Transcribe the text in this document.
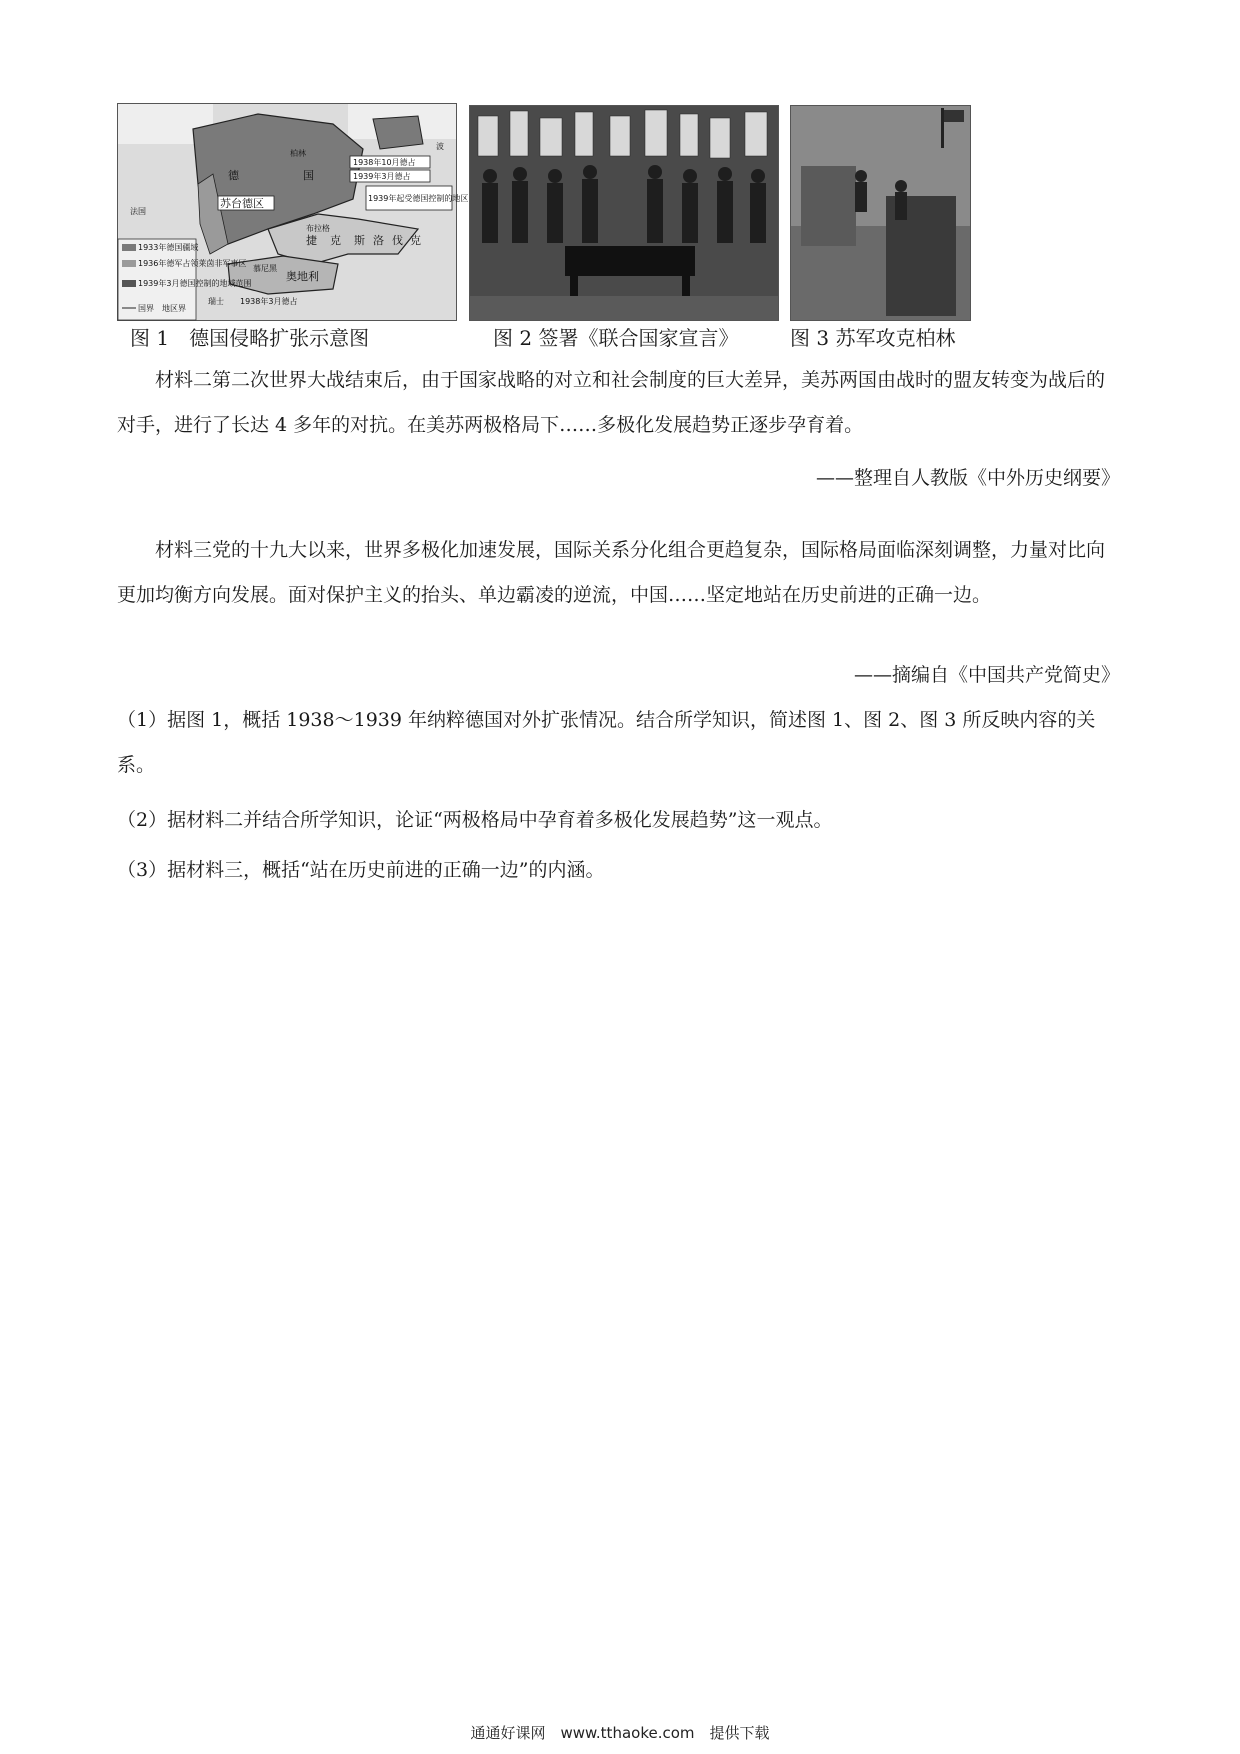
德	国
柏林
苏台德区
1938年10月德占
1939年3月德占
1939年起受德国控制的地区
布拉格
捷 克 斯 洛 伐 克
奥地利
慕尼黑
1938年3月德占
法国
瑞士
波
1933年德国疆域
1936年德军占领莱茵非军事区
1939年3月德国控制的地域范围
国界　地区界
图 1　德国侵略扩张示意图	图 2 签署《联合国家宣言》	图 3 苏军攻克柏林

材料二第二次世界大战结束后，由于国家战略的对立和社会制度的巨大差异，美苏两国由战时的盟友转变为战后的对手，进行了长达 4 多年的对抗。在美苏两极格局下……多极化发展趋势正逐步孕育着。

——整理自人教版《中外历史纲要》

材料三党的十九大以来，世界多极化加速发展，国际关系分化组合更趋复杂，国际格局面临深刻调整，力量对比向更加均衡方向发展。面对保护主义的抬头、单边霸凌的逆流，中国……坚定地站在历史前进的正确一边。

——摘编自《中国共产党简史》

（1）据图 1，概括 1938～1939 年纳粹德国对外扩张情况。结合所学知识，简述图 1、图 2、图 3 所反映内容的关系。

（2）据材料二并结合所学知识，论证“两极格局中孕育着多极化发展趋势”这一观点。

（3）据材料三，概括“站在历史前进的正确一边”的内涵。

通通好课网　www.tthaoke.com　提供下载
